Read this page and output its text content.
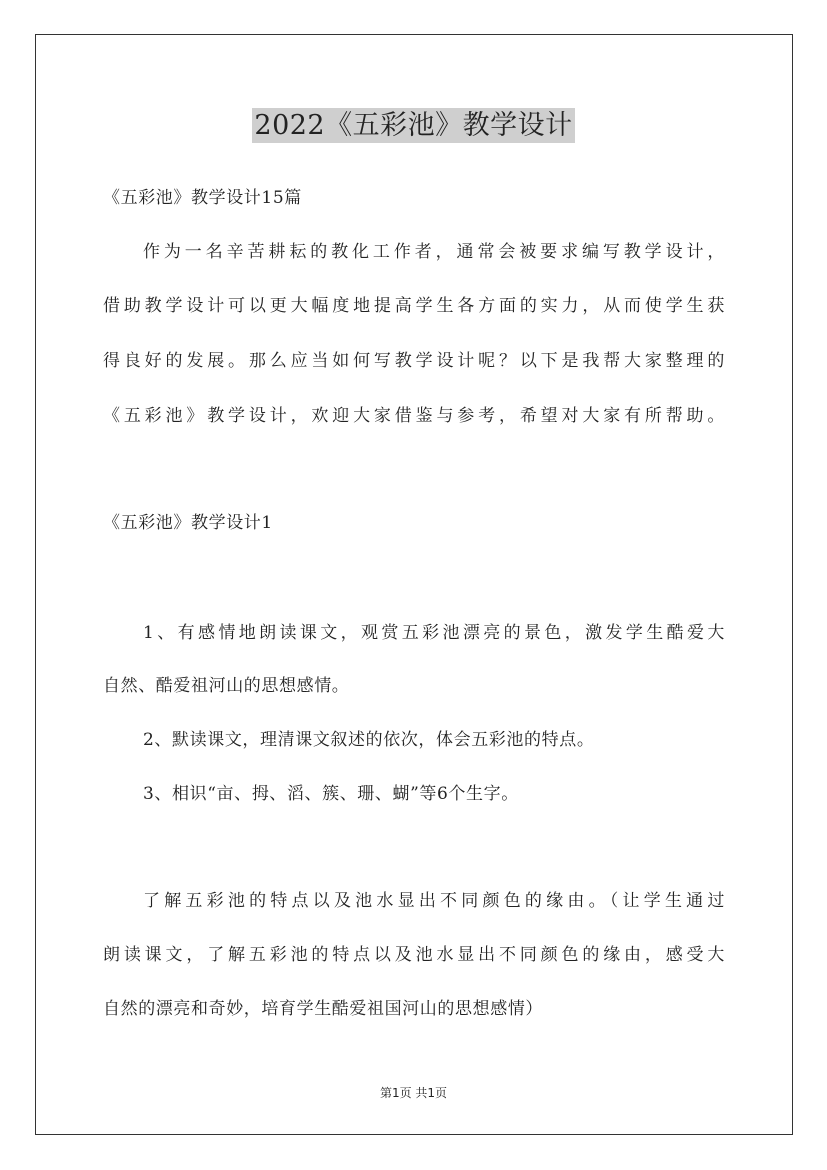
2022《五彩池》教学设计
《五彩池》教学设计15篇
作为一名辛苦耕耘的教化工作者，通常会被要求编写教学设计，
借助教学设计可以更大幅度地提高学生各方面的实力，从而使学生获
得良好的发展。那么应当如何写教学设计呢？以下是我帮大家整理的
《五彩池》教学设计，欢迎大家借鉴与参考，希望对大家有所帮助。
《五彩池》教学设计1
1、有感情地朗读课文，观赏五彩池漂亮的景色，激发学生酷爱大
自然、酷爱祖河山的思想感情。
2、默读课文，理清课文叙述的依次，体会五彩池的特点。
3、相识“亩、拇、滔、簇、珊、蝴”等6个生字。
了解五彩池的特点以及池水显出不同颜色的缘由。（让学生通过
朗读课文，了解五彩池的特点以及池水显出不同颜色的缘由，感受大
自然的漂亮和奇妙，培育学生酷爱祖国河山的思想感情）
第1页 共1页
